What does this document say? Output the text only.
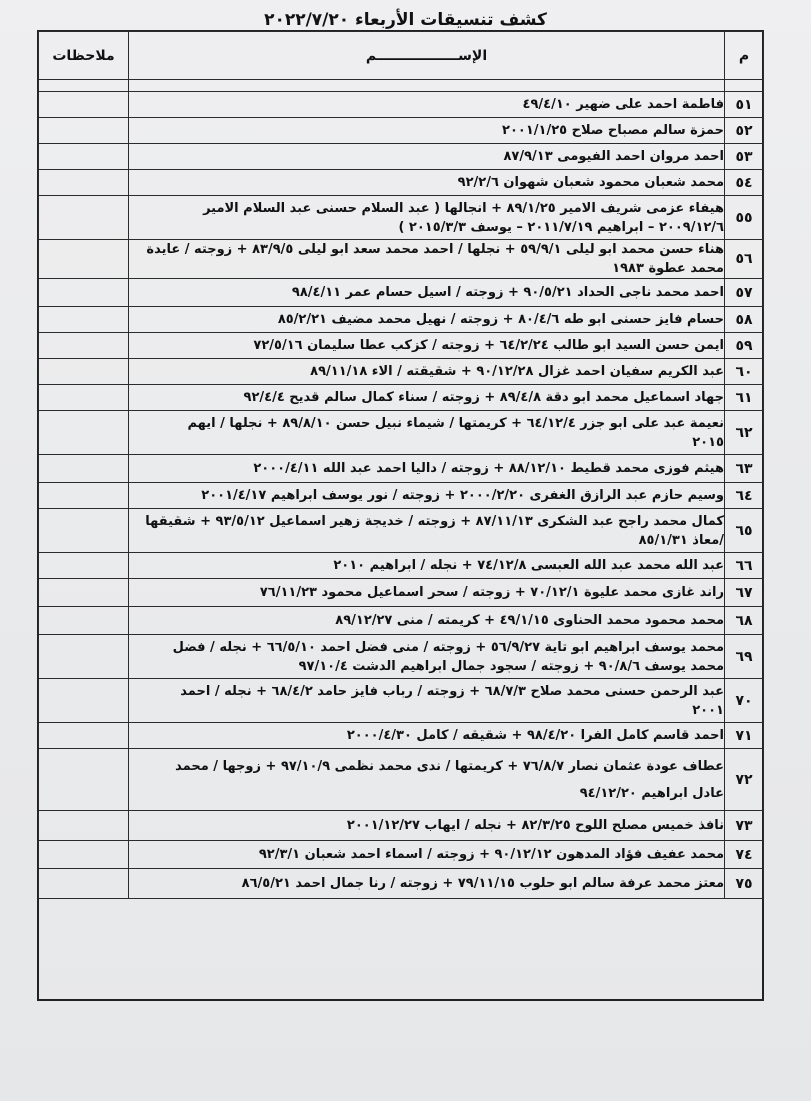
كشف تنسيقات الأربعاء ٢٠٢٢/٧/٢٠
ملاحظات	الإســـــــــــــــــم	م

	فاطمة احمد على ضهير ٤٩/٤/١٠	٥١

	حمزة سالم مصباح صلاح ٢٠٠١/١/٢٥	٥٢

	احمد مروان احمد الفيومى ٨٧/٩/١٣	٥٣

	محمد شعبان محمود شعبان شهوان ٩٢/٢/٦	٥٤

	هيفاء عزمى شريف الامير ٨٩/١/٢٥ + انجالها ( عبد السلام حسنى عبد السلام الامير
٢٠٠٩/١٢/٦ – ابراهيم ٢٠١١/٧/١٩ – يوسف ٢٠١٥/٣/٣ )	٥٥

	هناء حسن محمد ابو ليلى ٥٩/٩/١ + نجلها / احمد محمد سعد ابو ليلى ٨٣/٩/٥ + زوجته / عايدة
محمد عطوة ١٩٨٣	٥٦

	احمد محمد ناجى الحداد ٩٠/٥/٢١ + زوجته / اسيل حسام عمر ٩٨/٤/١١	٥٧

	حسام فايز حسنى ابو طه ٨٠/٤/٦ + زوجته / نهيل محمد مضيف ٨٥/٢/٢١	٥٨

	ايمن حسن السيد ابو طالب ٦٤/٢/٢٤ + زوجته / كزكب عطا سليمان ٧٢/٥/١٦	٥٩

	عبد الكريم سفيان احمد غزال ٩٠/١٢/٢٨ + شقيقته / الاء ٨٩/١١/١٨	٦٠

	جهاد اسماعيل محمد ابو دقة ٨٩/٤/٨ + زوجته / سناء كمال سالم قديح ٩٢/٤/٤	٦١

	نعيمة عبد على ابو جزر ٦٤/١٢/٤ + كريمتها / شيماء نبيل حسن ٨٩/٨/١٠ + نجلها / ايهم
٢٠١٥	٦٢

	هيثم فوزى محمد قطيط ٨٨/١٢/١٠ + زوجته / داليا احمد عبد الله ٢٠٠٠/٤/١١	٦٣

	وسيم حازم عبد الرازق الغفرى ٢٠٠٠/٢/٢٠ + زوجته / نور يوسف ابراهيم ٢٠٠١/٤/١٧	٦٤

	كمال محمد راجح عبد الشكرى ٨٧/١١/١٣ + زوجته / خديجة زهير اسماعيل ٩٣/٥/١٢ + شقيقها
/معاذ ٨٥/١/٣١	٦٥

	عبد الله محمد عبد الله العبسى ٧٤/١٢/٨ + نجله / ابراهيم ٢٠١٠	٦٦

	راند غازى محمد عليوة ٧٠/١٢/١ + زوجته / سحر اسماعيل محمود ٧٦/١١/٢٣	٦٧

	محمد محمود محمد الحناوى ٤٩/١/١٥ + كريمته / منى ٨٩/١٢/٢٧	٦٨

	محمد يوسف ابراهيم ابو تاية ٥٦/٩/٢٧ + زوجته / منى فضل احمد ٦٦/٥/١٠ + نجله / فضل
محمد يوسف ٩٠/٨/٦ + زوجته / سجود جمال ابراهيم الدشت ٩٧/١٠/٤	٦٩

	عبد الرحمن حسنى محمد صلاح ٦٨/٧/٣ + زوجته / رباب فايز حامد ٦٨/٤/٢ + نجله / احمد
٢٠٠١	٧٠

	احمد قاسم كامل الفرا ٩٨/٤/٢٠ + شقيقه / كامل ٢٠٠٠/٤/٣٠	٧١

	عطاف عودة عثمان نصار ٧٦/٨/٧ + كريمتها / ندى محمد نظمى ٩٧/١٠/٩ + زوجها / محمد
عادل ابراهيم ٩٤/١٢/٢٠	٧٢

	نافذ خميس مصلح اللوح ٨٢/٣/٢٥ + نجله / ايهاب ٢٠٠١/١٢/٢٧	٧٣

	محمد عفيف فؤاد المدهون ٩٠/١٢/١٢ + زوجته / اسماء احمد شعبان ٩٢/٣/١	٧٤

	معتز محمد عرفة سالم ابو حلوب ٧٩/١١/١٥ + زوجته / رنا جمال احمد ٨٦/٥/٢١	٧٥
